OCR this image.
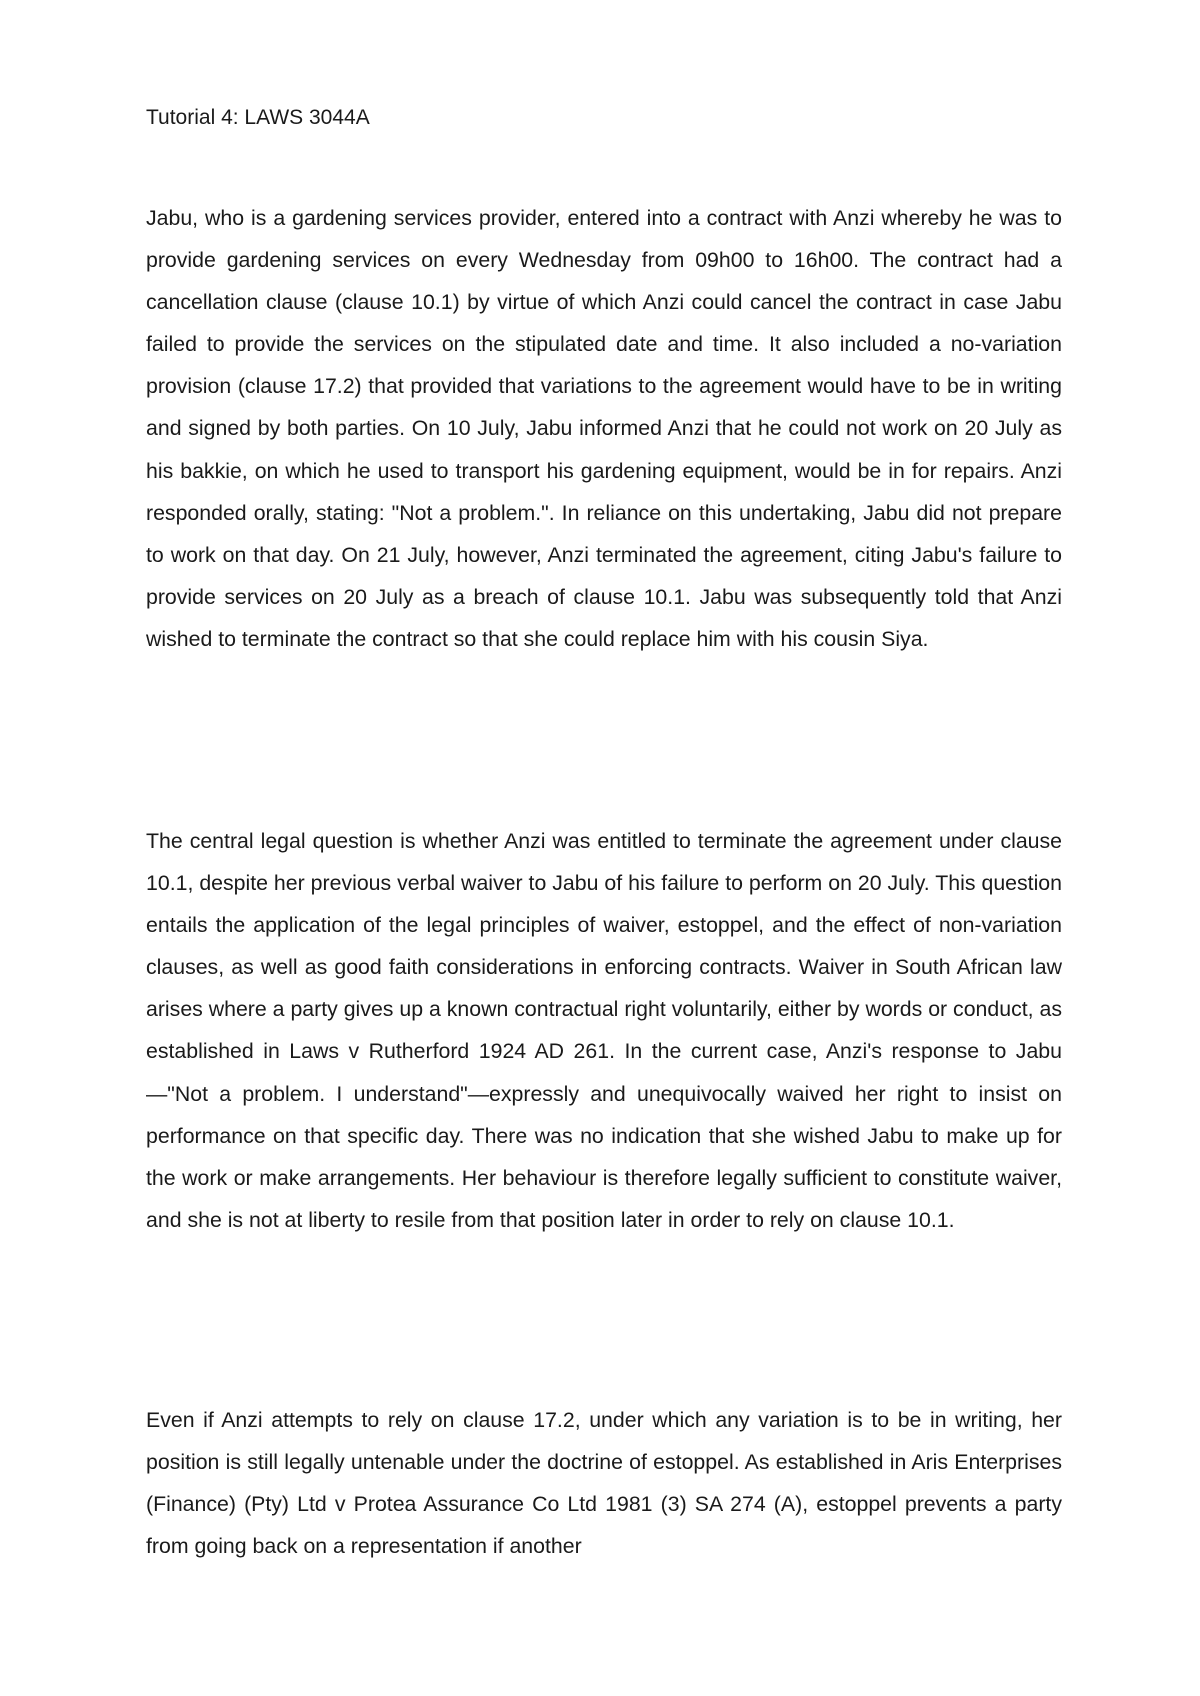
Tutorial 4: LAWS 3044A

Jabu, who is a gardening services provider, entered into a contract with Anzi whereby he was to provide gardening services on every Wednesday from 09h00 to 16h00. The contract had a cancellation clause (clause 10.1) by virtue of which Anzi could cancel the contract in case Jabu failed to provide the services on the stipulated date and time. It also included a no-variation provision (clause 17.2) that provided that variations to the agreement would have to be in writing and signed by both parties. On 10 July, Jabu informed Anzi that he could not work on 20 July as his bakkie, on which he used to transport his gardening equipment, would be in for repairs. Anzi responded orally, stating: "Not a problem.". In reliance on this undertaking, Jabu did not prepare to work on that day. On 21 July, however, Anzi terminated the agreement, citing Jabu's failure to provide services on 20 July as a breach of clause 10.1. Jabu was subsequently told that Anzi wished to terminate the contract so that she could replace him with his cousin Siya.

The central legal question is whether Anzi was entitled to terminate the agreement under clause 10.1, despite her previous verbal waiver to Jabu of his failure to perform on 20 July. This question entails the application of the legal principles of waiver, estoppel, and the effect of non-variation clauses, as well as good faith considerations in enforcing contracts. Waiver in South African law arises where a party gives up a known contractual right voluntarily, either by words or conduct, as established in Laws v Rutherford 1924 AD 261. In the current case, Anzi's response to Jabu—"Not a problem. I understand"—expressly and unequivocally waived her right to insist on performance on that specific day. There was no indication that she wished Jabu to make up for the work or make arrangements. Her behaviour is therefore legally sufficient to constitute waiver, and she is not at liberty to resile from that position later in order to rely on clause 10.1.

Even if Anzi attempts to rely on clause 17.2, under which any variation is to be in writing, her position is still legally untenable under the doctrine of estoppel. As established in Aris Enterprises (Finance) (Pty) Ltd v Protea Assurance Co Ltd 1981 (3) SA 274 (A), estoppel prevents a party from going back on a representation if another
